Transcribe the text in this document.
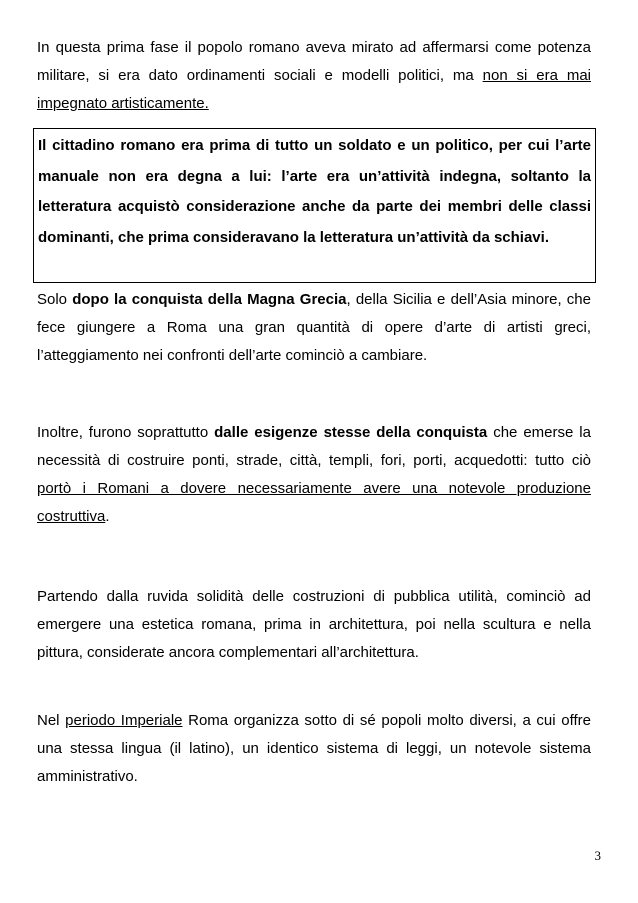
In questa prima fase il popolo romano aveva mirato ad affermarsi come potenza militare, si era dato ordinamenti sociali e modelli politici, ma non si era mai impegnato artisticamente.

Il cittadino romano era prima di tutto un soldato e un politico, per cui l’arte manuale non era degna a lui: l’arte era un’attività indegna, soltanto la letteratura acquistò considerazione anche da parte dei membri delle classi dominanti, che prima consideravano la letteratura un’attività da schiavi.

Solo dopo la conquista della Magna Grecia, della Sicilia e dell’Asia minore, che fece giungere a Roma una gran quantità di opere d’arte di artisti greci, l’atteggiamento nei confronti dell’arte cominciò a cambiare.

Inoltre, furono soprattutto dalle esigenze stesse della conquista che emerse la necessità di costruire ponti, strade, città, templi, fori, porti, acquedotti: tutto ciò portò i Romani a dovere necessariamente avere una notevole produzione costruttiva.

Partendo dalla ruvida solidità delle costruzioni di pubblica utilità, cominciò ad emergere una estetica romana, prima in architettura, poi nella scultura e nella pittura, considerate ancora complementari all’architettura.

Nel periodo Imperiale Roma organizza sotto di sé popoli molto diversi, a cui offre una stessa lingua (il latino), un identico sistema di leggi, un notevole sistema amministrativo.

3
